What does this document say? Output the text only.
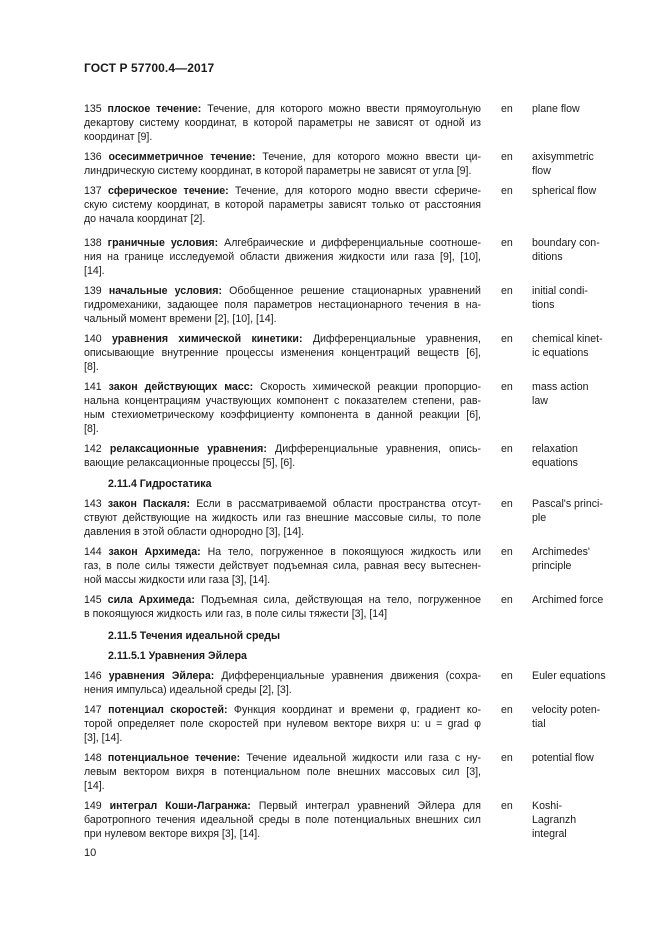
ГОСТ Р 57700.4—2017
135 плоское течение: Течение, для которого можно ввести прямоугольную
декартову систему координат, в которой параметры не зависят от одной из
координат [9].
en plane flow
136 осесимметричное течение: Течение, для которого можно ввести ци-
линдрическую систему координат, в которой параметры не зависят от угла [9].
en axisymmetric
flow
137 сферическое течение: Течение, для которого модно ввести сфериче-
скую систему координат, в которой параметры зависят только от расстояния
до начала координат [2].
en spherical flow
138 граничные условия: Алгебраические и дифференциальные соотноше-
ния на границе исследуемой области движения жидкости или газа [9], [10],
[14].
en boundary con-
ditions
139 начальные условия: Обобщенное решение стационарных уравнений
гидромеханики, задающее поля параметров нестационарного течения в на-
чальный момент времени [2], [10], [14].
en initial condi-
tions
140 уравнения химической кинетики: Дифференциальные уравнения,
описывающие внутренние процессы изменения концентраций веществ [6],
[8].
en chemical kinet-
ic equations
141 закон действующих масс: Скорость химической реакции пропорцио-
нальна концентрациям участвующих компонент с показателем степени, рав-
ным стехиометрическому коэффициенту компонента в данной реакции [6],
[8].
en mass action
law
142 релаксационные уравнения: Дифференциальные уравнения, опись-
вающие релаксационные процессы [5], [6].
en relaxation
equations
2.11.4 Гидростатика
143 закон Паскаля: Если в рассматриваемой области пространства отсут-
ствуют действующие на жидкость или газ внешние массовые силы, то поле
давления в этой области однородно [3], [14].
en Pascal's princi-
ple
144 закон Архимеда: На тело, погруженное в покоящуюся жидкость или
газ, в поле силы тяжести действует подъемная сила, равная весу вытеснен-
ной массы жидкости или газа [3], [14].
en Archimedes'
principle
145 сила Архимеда: Подъемная сила, действующая на тело, погруженное
в покоящуюся жидкость или газ, в поле силы тяжести [3], [14]
en Archimed force
2.11.5 Течения идеальной среды
2.11.5.1 Уравнения Эйлера
146 уравнения Эйлера: Дифференциальные уравнения движения (сохра-
нения импульса) идеальной среды [2], [3].
en Euler equations
147 потенциал скоростей: Функция координат и времени φ, градиент ко-
торой определяет поле скоростей при нулевом векторе вихря u: u = grad φ
[3], [14].
en velocity poten-
tial
148 потенциальное течение: Течение идеальной жидкости или газа с ну-
левым вектором вихря в потенциальном поле внешних массовых сил [3],
[14].
en potential flow
149 интеграл Коши-Лагранжа: Первый интеграл уравнений Эйлера для
баротропного течения идеальной среды в поле потенциальных внешних сил
при нулевом векторе вихря [3], [14].
en Koshi-
Lagranzh
integral
10
